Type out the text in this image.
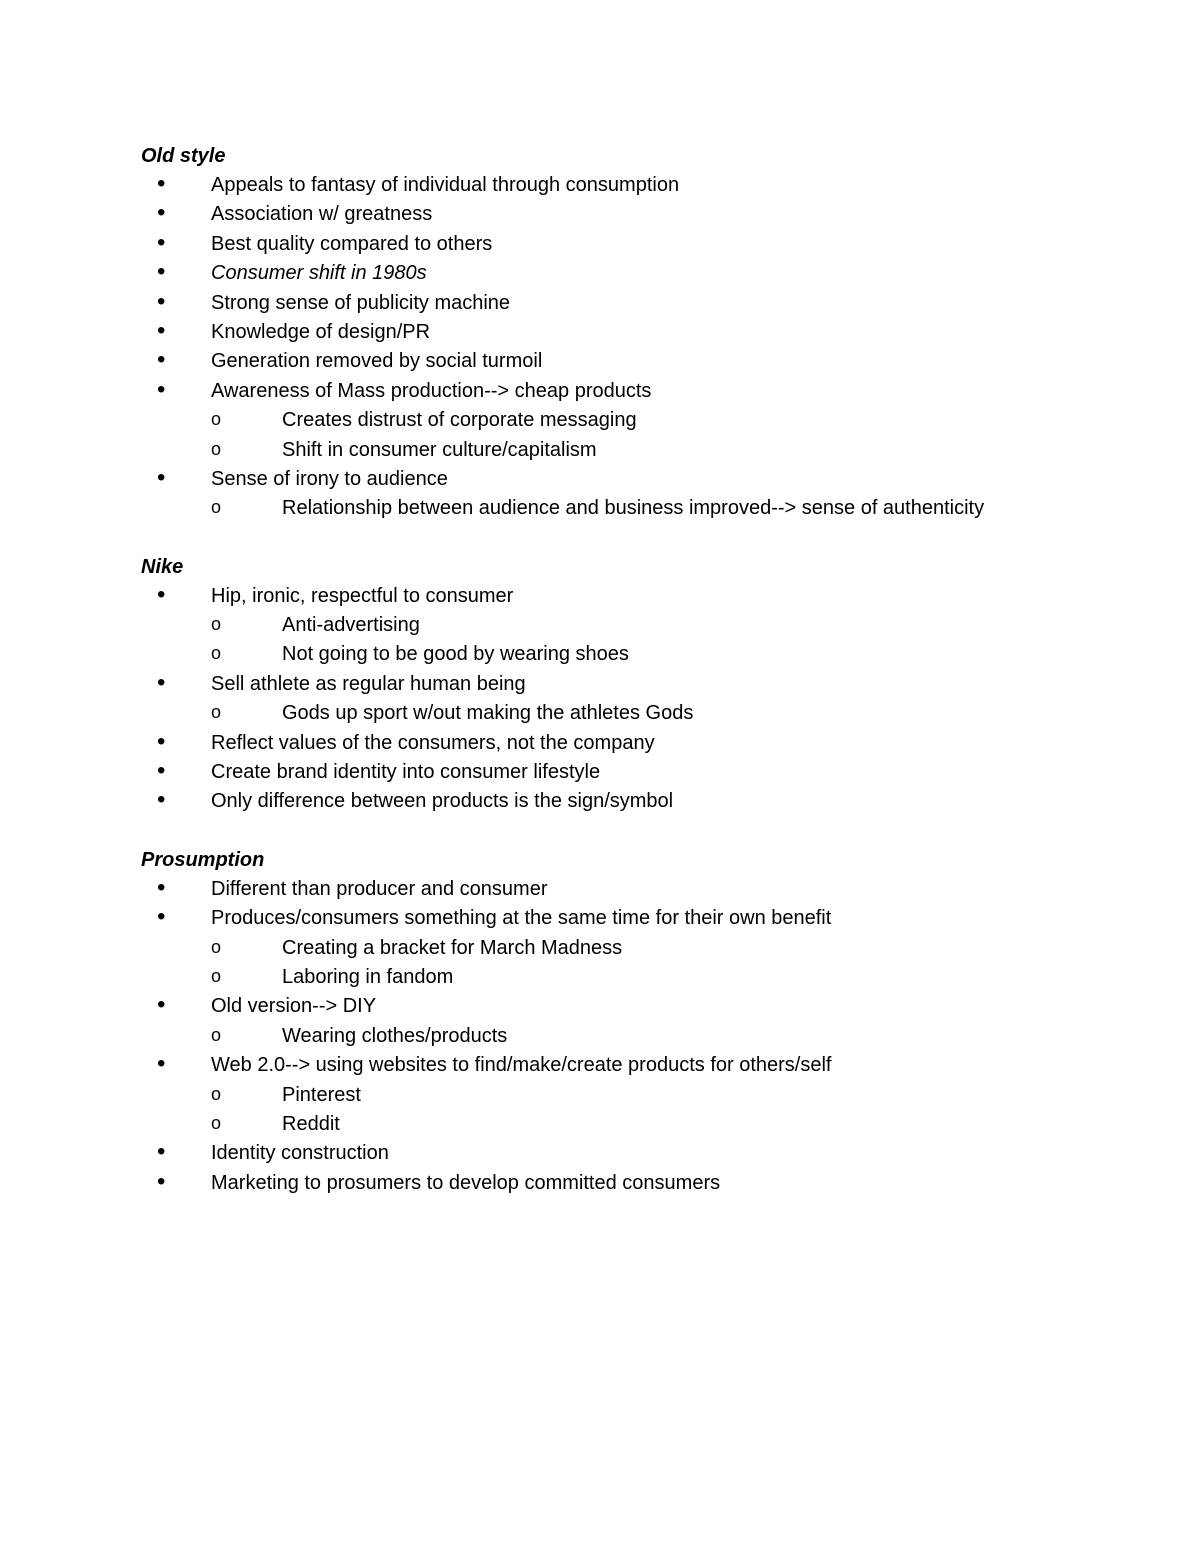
Old style
• Appeals to fantasy of individual through consumption
• Association w/ greatness
• Best quality compared to others
• Consumer shift in 1980s
• Strong sense of publicity machine
• Knowledge of design/PR
• Generation removed by social turmoil
• Awareness of Mass production--> cheap products
o	Creates distrust of corporate messaging
o	Shift in consumer culture/capitalism
• Sense of irony to audience
o	Relationship between audience and business improved--> sense of authenticity
Nike
• Hip, ironic, respectful to consumer
o	Anti-advertising
o	Not going to be good by wearing shoes
• Sell athlete as regular human being
o	Gods up sport w/out making the athletes Gods
• Reflect values of the consumers, not the company
• Create brand identity into consumer lifestyle
• Only difference between products is the sign/symbol
Prosumption
• Different than producer and consumer
• Produces/consumers something at the same time for their own benefit
o	Creating a bracket for March Madness
o	Laboring in fandom
• Old version--> DIY
o	Wearing clothes/products
• Web 2.0--> using websites to find/make/create products for others/self
o	Pinterest
o	Reddit
• Identity construction
• Marketing to prosumers to develop committed consumers
